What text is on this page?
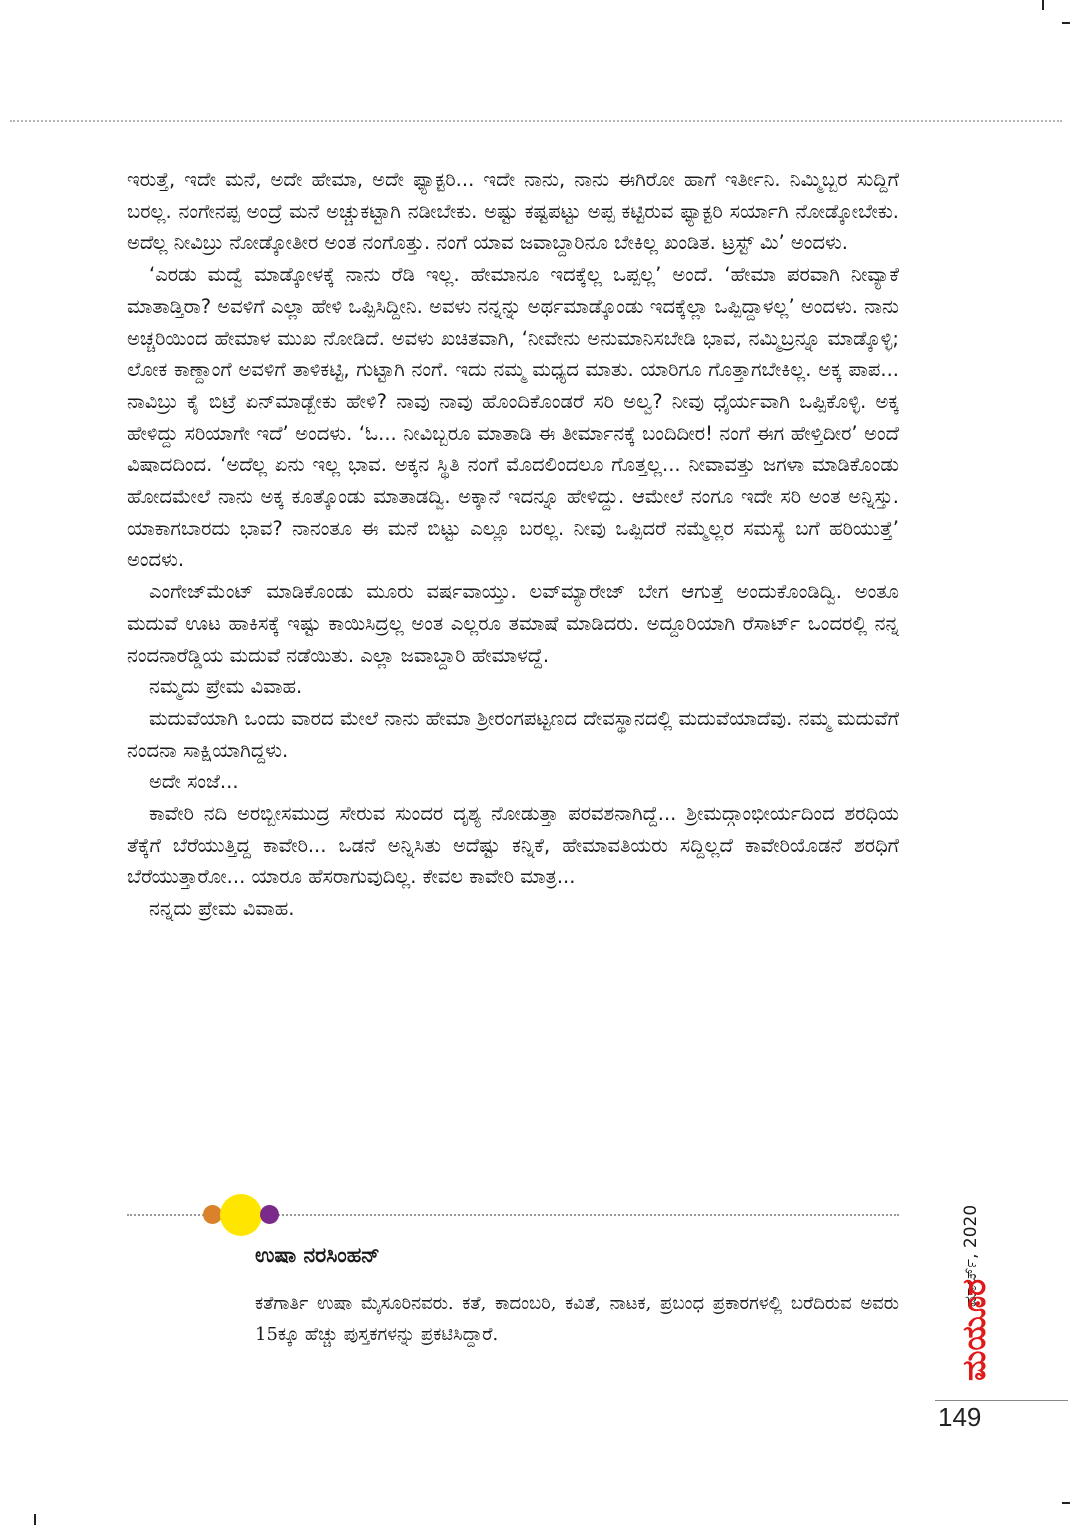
ಇರುತ್ತೆ, ಇದೇ ಮನೆ, ಅದೇ ಹೇಮಾ, ಅದೇ ಫ್ಯಾಕ್ಟರಿ... ಇದೇ ನಾನು, ನಾನು ಈಗಿರೋ ಹಾಗೆ ಇರ್ತೀನಿ. ನಿಮ್ಮಿಬ್ಬರ ಸುದ್ದಿಗೆ ಬರಲ್ಲ. ನಂಗೇನಪ್ಪ ಅಂದ್ರೆ ಮನೆ ಅಚ್ಚುಕಟ್ಟಾಗಿ ನಡೀಬೇಕು. ಅಷ್ಟು ಕಷ್ಟಪಟ್ಟು ಅಪ್ಪ ಕಟ್ಟಿರುವ ಫ್ಯಾಕ್ಟರಿ ಸರ್ಯಾಗಿ ನೋಡ್ಕೋಬೇಕು. ಅದೆಲ್ಲ ನೀವಿಬ್ರು ನೋಡ್ಕೋತೀರ ಅಂತ ನಂಗೊತ್ತು. ನಂಗೆ ಯಾವ ಜವಾಬ್ದಾರಿನೂ ಬೇಕಿಲ್ಲ ಖಂಡಿತ. ಟ್ರಸ್ಟ್ ಮಿ’ ಅಂದಳು.

‘ಎರಡು ಮದ್ವೆ ಮಾಡ್ಕೋಳಕ್ಕೆ ನಾನು ರೆಡಿ ಇಲ್ಲ. ಹೇಮಾನೂ ಇದಕ್ಕೆಲ್ಲ ಒಪ್ಪಲ್ಲ’ ಅಂದೆ. ‘ಹೇಮಾ ಪರವಾಗಿ ನೀವ್ಯಾಕೆ ಮಾತಾಡ್ತಿರಾ? ಅವಳಿಗೆ ಎಲ್ಲಾ ಹೇಳಿ ಒಪ್ಪಿಸಿದ್ದೀನಿ. ಅವಳು ನನ್ನನ್ನು ಅರ್ಥಮಾಡ್ಕೊಂಡು ಇದಕ್ಕೆಲ್ಲಾ ಒಪ್ಪಿದ್ದಾಳಲ್ಲ’ ಅಂದಳು. ನಾನು ಅಚ್ಚರಿಯಿಂದ ಹೇಮಾಳ ಮುಖ ನೋಡಿದೆ. ಅವಳು ಖಚಿತವಾಗಿ, ‘ನೀವೇನು ಅನುಮಾನಿಸಬೇಡಿ ಭಾವ, ನಮ್ಮಿಬ್ರನ್ನೂ ಮಾಡ್ಕೊಳ್ಳಿ; ಲೋಕ ಕಾಣ್ದಾಂಗೆ ಅವಳಿಗೆ ತಾಳಿಕಟ್ಟಿ, ಗುಟ್ಟಾಗಿ ನಂಗೆ. ಇದು ನಮ್ಮ ಮಧ್ಯದ ಮಾತು. ಯಾರಿಗೂ ಗೊತ್ತಾಗಬೇಕಿಲ್ಲ. ಅಕ್ಕ ಪಾಪ... ನಾವಿಬ್ರು ಕೈ ಬಿಟ್ರೆ ಏನ್‌ಮಾಡ್ಬೇಕು ಹೇಳಿ? ನಾವು ನಾವು ಹೊಂದಿಕೊಂಡರೆ ಸರಿ ಅಲ್ವ? ನೀವು ಧೈರ್ಯವಾಗಿ ಒಪ್ಪಿಕೊಳ್ಳಿ. ಅಕ್ಕ ಹೇಳಿದ್ದು ಸರಿಯಾಗೇ ಇದೆ’ ಅಂದಳು. ‘ಓ... ನೀವಿಬ್ಬರೂ ಮಾತಾಡಿ ಈ ತೀರ್ಮಾನಕ್ಕೆ ಬಂದಿದೀರ! ನಂಗೆ ಈಗ ಹೇಳ್ತಿದೀರ’ ಅಂದೆ ವಿಷಾದದಿಂದ. ‘ಅದೆಲ್ಲ ಏನು ಇಲ್ಲ ಭಾವ. ಅಕ್ಕನ ಸ್ಥಿತಿ ನಂಗೆ ಮೊದಲಿಂದಲೂ ಗೊತ್ತಲ್ಲ... ನೀವಾವತ್ತು ಜಗಳಾ ಮಾಡಿಕೊಂಡು ಹೋದಮೇಲೆ ನಾನು ಅಕ್ಕ ಕೂತ್ಕೊಂಡು ಮಾತಾಡದ್ವಿ. ಅಕ್ಕಾನೆ ಇದನ್ನೂ ಹೇಳಿದ್ದು. ಆಮೇಲೆ ನಂಗೂ ಇದೇ ಸರಿ ಅಂತ ಅನ್ನಿಸ್ತು. ಯಾಕಾಗಬಾರದು ಭಾವ? ನಾನಂತೂ ಈ ಮನೆ ಬಿಟ್ಟು ಎಲ್ಲೂ ಬರಲ್ಲ. ನೀವು ಒಪ್ಪಿದರೆ ನಮ್ಮೆಲ್ಲರ ಸಮಸ್ಯೆ ಬಗೆ ಹರಿಯುತ್ತೆ’ ಅಂದಳು.

ಎಂಗೇಜ್‌ಮೆಂಟ್ ಮಾಡಿಕೊಂಡು ಮೂರು ವರ್ಷವಾಯ್ತು. ಲವ್‌ಮ್ಯಾರೇಜ್ ಬೇಗ ಆಗುತ್ತೆ ಅಂದುಕೊಂಡಿದ್ವಿ. ಅಂತೂ ಮದುವೆ ಊಟ ಹಾಕಿಸಕ್ಕೆ ಇಷ್ಟು ಕಾಯಿಸಿದ್ರಲ್ಲ ಅಂತ ಎಲ್ಲರೂ ತಮಾಷೆ ಮಾಡಿದರು. ಅದ್ದೂರಿಯಾಗಿ ರೆಸಾರ್ಟ್ ಒಂದರಲ್ಲಿ ನನ್ನ ನಂದನಾರೆಡ್ಡಿಯ ಮದುವೆ ನಡೆಯಿತು. ಎಲ್ಲಾ ಜವಾಬ್ದಾರಿ ಹೇಮಾಳದ್ದೆ.

ನಮ್ಮದು ಪ್ರೇಮ ವಿವಾಹ.

ಮದುವೆಯಾಗಿ ಒಂದು ವಾರದ ಮೇಲೆ ನಾನು ಹೇಮಾ ಶ್ರೀರಂಗಪಟ್ಟಣದ ದೇವಸ್ಥಾನದಲ್ಲಿ ಮದುವೆಯಾದೆವು. ನಮ್ಮ ಮದುವೆಗೆ ನಂದನಾ ಸಾಕ್ಷಿಯಾಗಿದ್ದಳು.

ಅದೇ ಸಂಜೆ...

ಕಾವೇರಿ ನದಿ ಅರಬ್ಬೀಸಮುದ್ರ ಸೇರುವ ಸುಂದರ ದೃಶ್ಯ ನೋಡುತ್ತಾ ಪರವಶನಾಗಿದ್ದೆ... ಶ್ರೀಮದ್ಗಾಂಭೀರ್ಯದಿಂದ ಶರಧಿಯ ತೆಕ್ಕೆಗೆ ಬೆರೆಯುತ್ತಿದ್ದ ಕಾವೇರಿ... ಒಡನೆ ಅನ್ನಿಸಿತು ಅದೆಷ್ಟು ಕನ್ನಿಕೆ, ಹೇಮಾವತಿಯರು ಸದ್ದಿಲ್ಲದೆ ಕಾವೇರಿಯೊಡನೆ ಶರಧಿಗೆ ಬೆರೆಯುತ್ತಾರೋ... ಯಾರೂ ಹೆಸರಾಗುವುದಿಲ್ಲ. ಕೇವಲ ಕಾವೇರಿ ಮಾತ್ರ...

ನನ್ನದು ಪ್ರೇಮ ವಿವಾಹ.

ಉಷಾ ನರಸಿಂಹನ್
ಕತೆಗಾರ್ತಿ ಉಷಾ ಮೈಸೂರಿನವರು. ಕತೆ, ಕಾದಂಬರಿ, ಕವಿತೆ, ನಾಟಕ, ಪ್ರಬಂಧ ಪ್ರಕಾರಗಳಲ್ಲಿ ಬರೆದಿರುವ ಅವರು 15ಕ್ಕೂ ಹೆಚ್ಚು ಪುಸ್ತಕಗಳನ್ನು ಪ್ರಕಟಿಸಿದ್ದಾರೆ.
ಮಾರ್ಚ್, 2020
ಮಯೂರ
149
